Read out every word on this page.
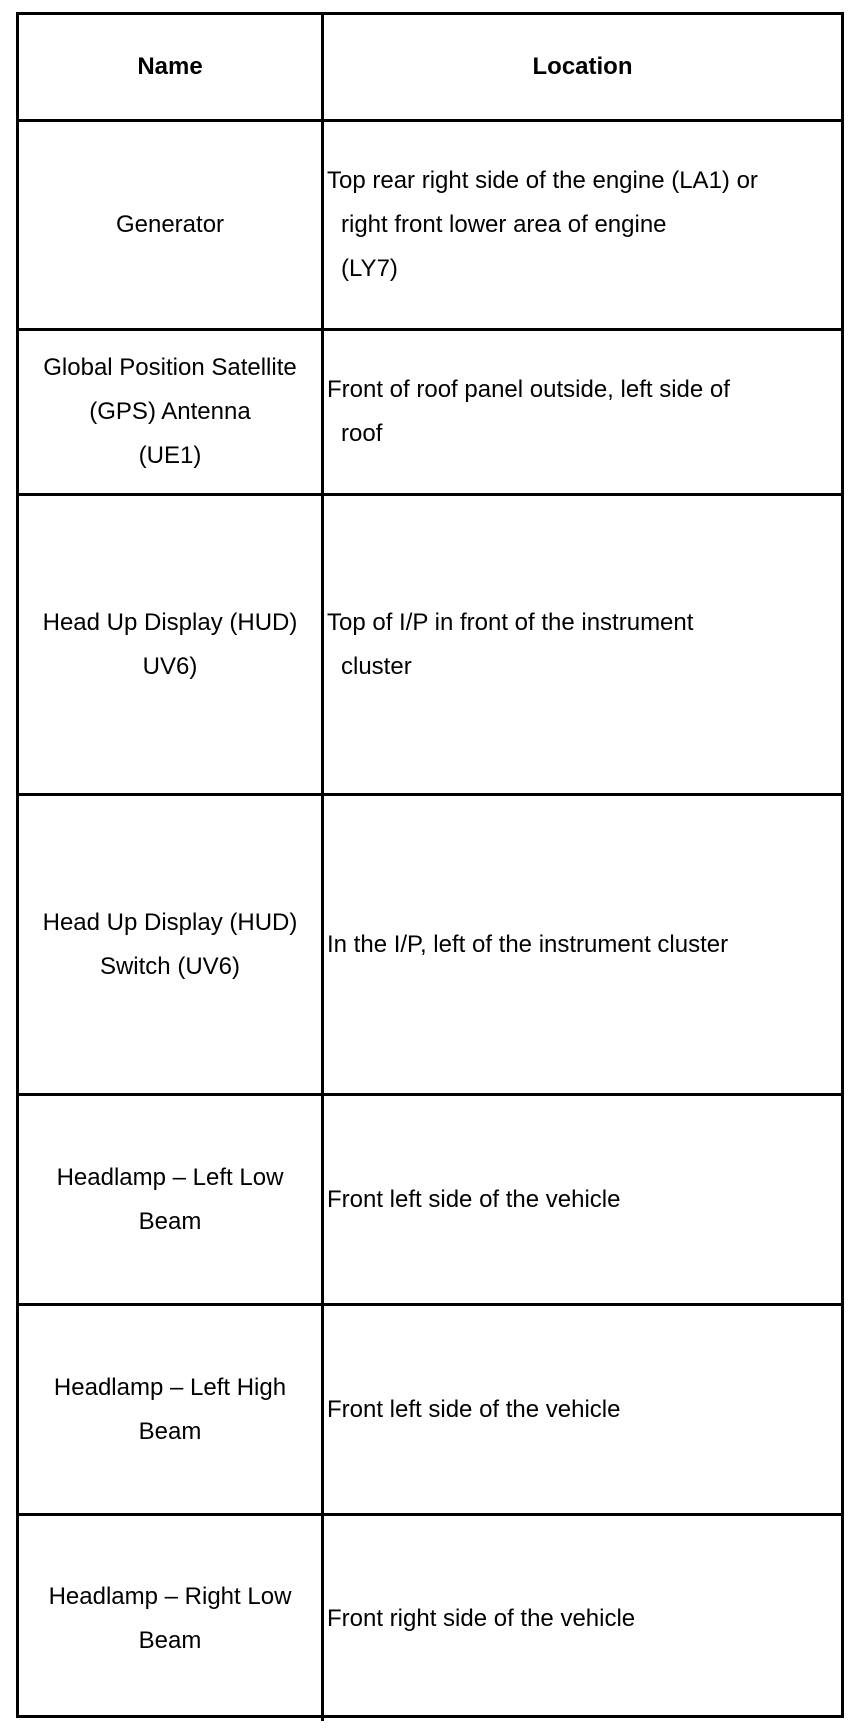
Name	Location
Generator
Top rear right side of the engine (LA1) or
right front lower area of engine
(LY7)
Global Position Satellite
(GPS) Antenna
(UE1)
Front of roof panel outside, left side of
roof
Head Up Display (HUD)
UV6)
Top of I/P in front of the instrument
cluster
Head Up Display (HUD)
Switch (UV6)
In the I/P, left of the instrument cluster
Headlamp – Left Low
Beam
Front left side of the vehicle
Headlamp – Left High
Beam
Front left side of the vehicle
Headlamp – Right Low
Beam
Front right side of the vehicle
